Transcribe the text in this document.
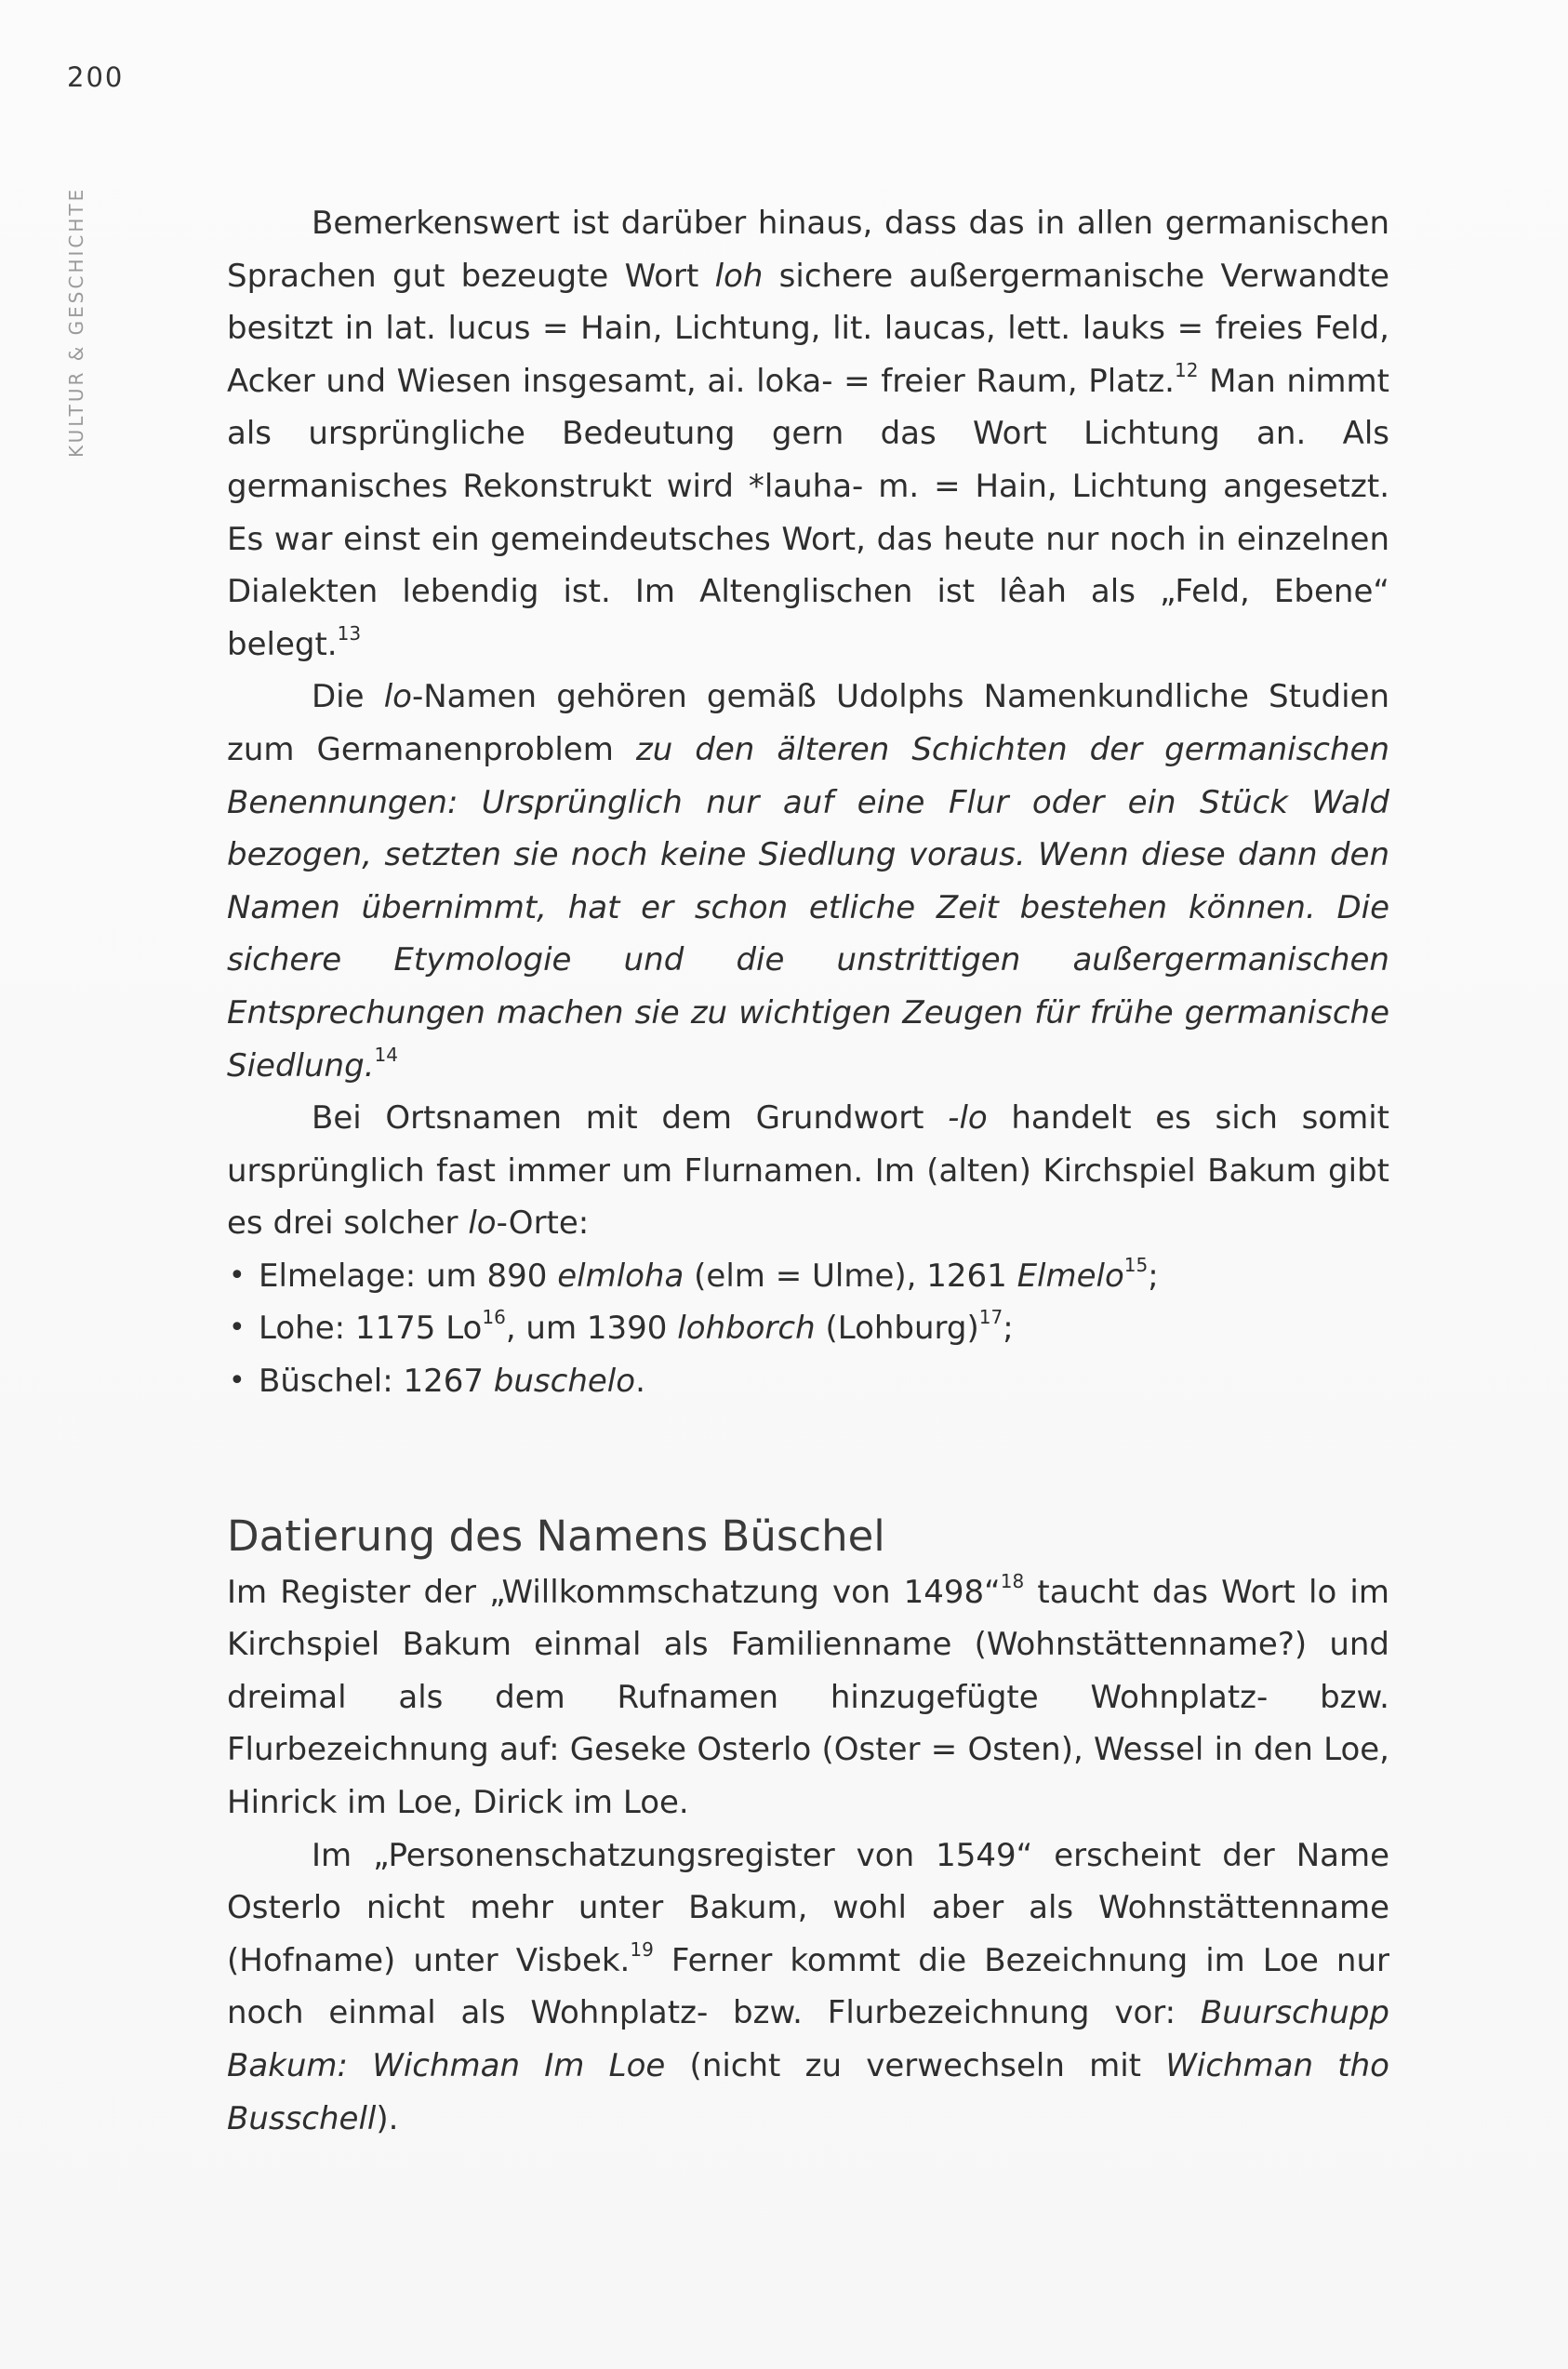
200
KULTUR & GESCHICHTE	Bemerkenswert ist darüber hinaus, dass das in allen germanischen Sprachen gut bezeugte Wort loh sichere außergermanische Verwandte besitzt in lat. lucus = Hain, Lichtung, lit. laucas, lett. lauks = freies Feld, Acker und Wiesen insgesamt, ai. loka- = freier Raum, Platz.$^{12}$ Man nimmt als ursprüngliche Bedeutung gern das Wort Lichtung an. Als germanisches Rekonstrukt wird *lauha- m. = Hain, Lichtung angesetzt. Es war einst ein gemeindeutsches Wort, das heute nur noch in einzelnen Dialekten lebendig ist. Im Altenglischen ist lêah als „Feld, Ebene“ belegt.$^{13}$

Die lo-Namen gehören gemäß Udolphs Namenkundliche Studien zum Germanenproblem zu den älteren Schichten der germanischen Benennungen: Ursprünglich nur auf eine Flur oder ein Stück Wald bezogen, setzten sie noch keine Siedlung voraus. Wenn diese dann den Namen übernimmt, hat er schon etliche Zeit bestehen können. Die sichere Etymologie und die unstrittigen außergermanischen Entsprechungen machen sie zu wichtigen Zeugen für frühe germanische Siedlung.$^{14}$

Bei Ortsnamen mit dem Grundwort -lo handelt es sich somit ursprünglich fast immer um Flurnamen. Im (alten) Kirchspiel Bakum gibt es drei solcher lo-Orte:

• Elmelage: um 890 elmloha (elm = Ulme), 1261 Elmelo$^{15}$;
• Lohe: 1175 Lo$^{16}$, um 1390 lohborch (Lohburg)$^{17}$;
• Büschel: 1267 buschelo.
Datierung des Namens Büschel

Im Register der „Willkommschatzung von 1498“$^{18}$ taucht das Wort lo im Kirchspiel Bakum einmal als Familienname (Wohnstättenname?) und dreimal als dem Rufnamen hinzugefügte Wohnplatz- bzw. Flurbezeichnung auf: Geseke Osterlo (Oster = Osten), Wessel in den Loe, Hinrick im Loe, Dirick im Loe.

Im „Personenschatzungsregister von 1549“ erscheint der Name Osterlo nicht mehr unter Bakum, wohl aber als Wohnstättenname (Hofname) unter Visbek.$^{19}$ Ferner kommt die Bezeichnung im Loe nur noch einmal als Wohnplatz- bzw. Flurbezeichnung vor: Buurschupp Bakum: Wichman Im Loe (nicht zu verwechseln mit Wichman tho Busschell).
